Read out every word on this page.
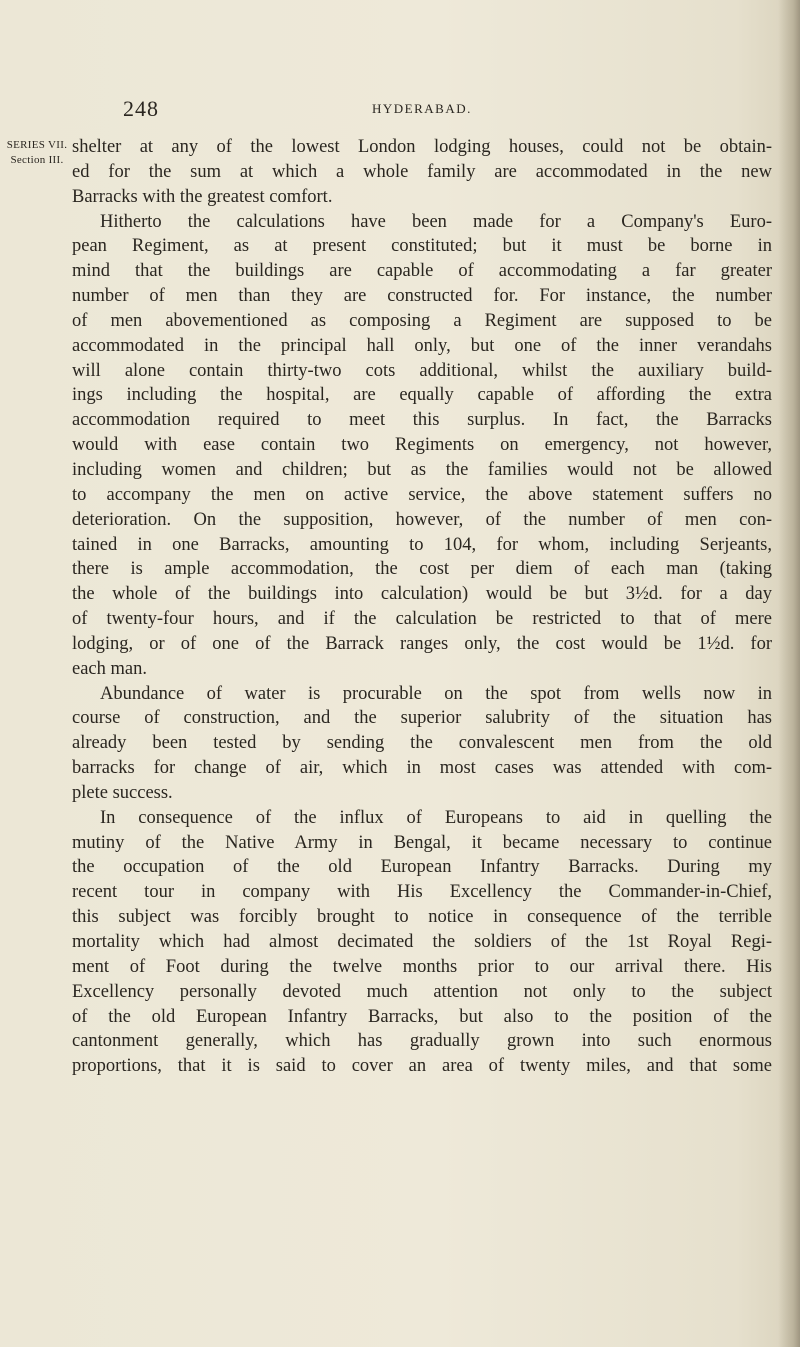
248	HYDERABAD.
SERIES VII.
Section III.

shelter at any of the lowest London lodging houses, could not be obtain-

ed for the sum at which a whole family are accommodated in the new

Barracks with the greatest comfort.

Hitherto the calculations have been made for a Company's Euro-

pean Regiment, as at present constituted; but it must be borne in

mind that the buildings are capable of accommodating a far greater

number of men than they are constructed for. For instance, the number

of men abovementioned as composing a Regiment are supposed to be

accommodated in the principal hall only, but one of the inner verandahs

will alone contain thirty-two cots additional, whilst the auxiliary build-

ings including the hospital, are equally capable of affording the extra

accommodation required to meet this surplus. In fact, the Barracks

would with ease contain two Regiments on emergency, not however,

including women and children; but as the families would not be allowed

to accompany the men on active service, the above statement suffers no

deterioration. On the supposition, however, of the number of men con-

tained in one Barracks, amounting to 104, for whom, including Serjeants,

there is ample accommodation, the cost per diem of each man (taking

the whole of the buildings into calculation) would be but 3½d. for a day

of twenty-four hours, and if the calculation be restricted to that of mere

lodging, or of one of the Barrack ranges only, the cost would be 1½d. for

each man.

Abundance of water is procurable on the spot from wells now in

course of construction, and the superior salubrity of the situation has

already been tested by sending the convalescent men from the old

barracks for change of air, which in most cases was attended with com-

plete success.

In consequence of the influx of Europeans to aid in quelling the

mutiny of the Native Army in Bengal, it became necessary to continue

the occupation of the old European Infantry Barracks. During my

recent tour in company with His Excellency the Commander-in-Chief,

this subject was forcibly brought to notice in consequence of the terrible

mortality which had almost decimated the soldiers of the 1st Royal Regi-

ment of Foot during the twelve months prior to our arrival there. His

Excellency personally devoted much attention not only to the subject

of the old European Infantry Barracks, but also to the position of the

cantonment generally, which has gradually grown into such enormous

proportions, that it is said to cover an area of twenty miles, and that some
